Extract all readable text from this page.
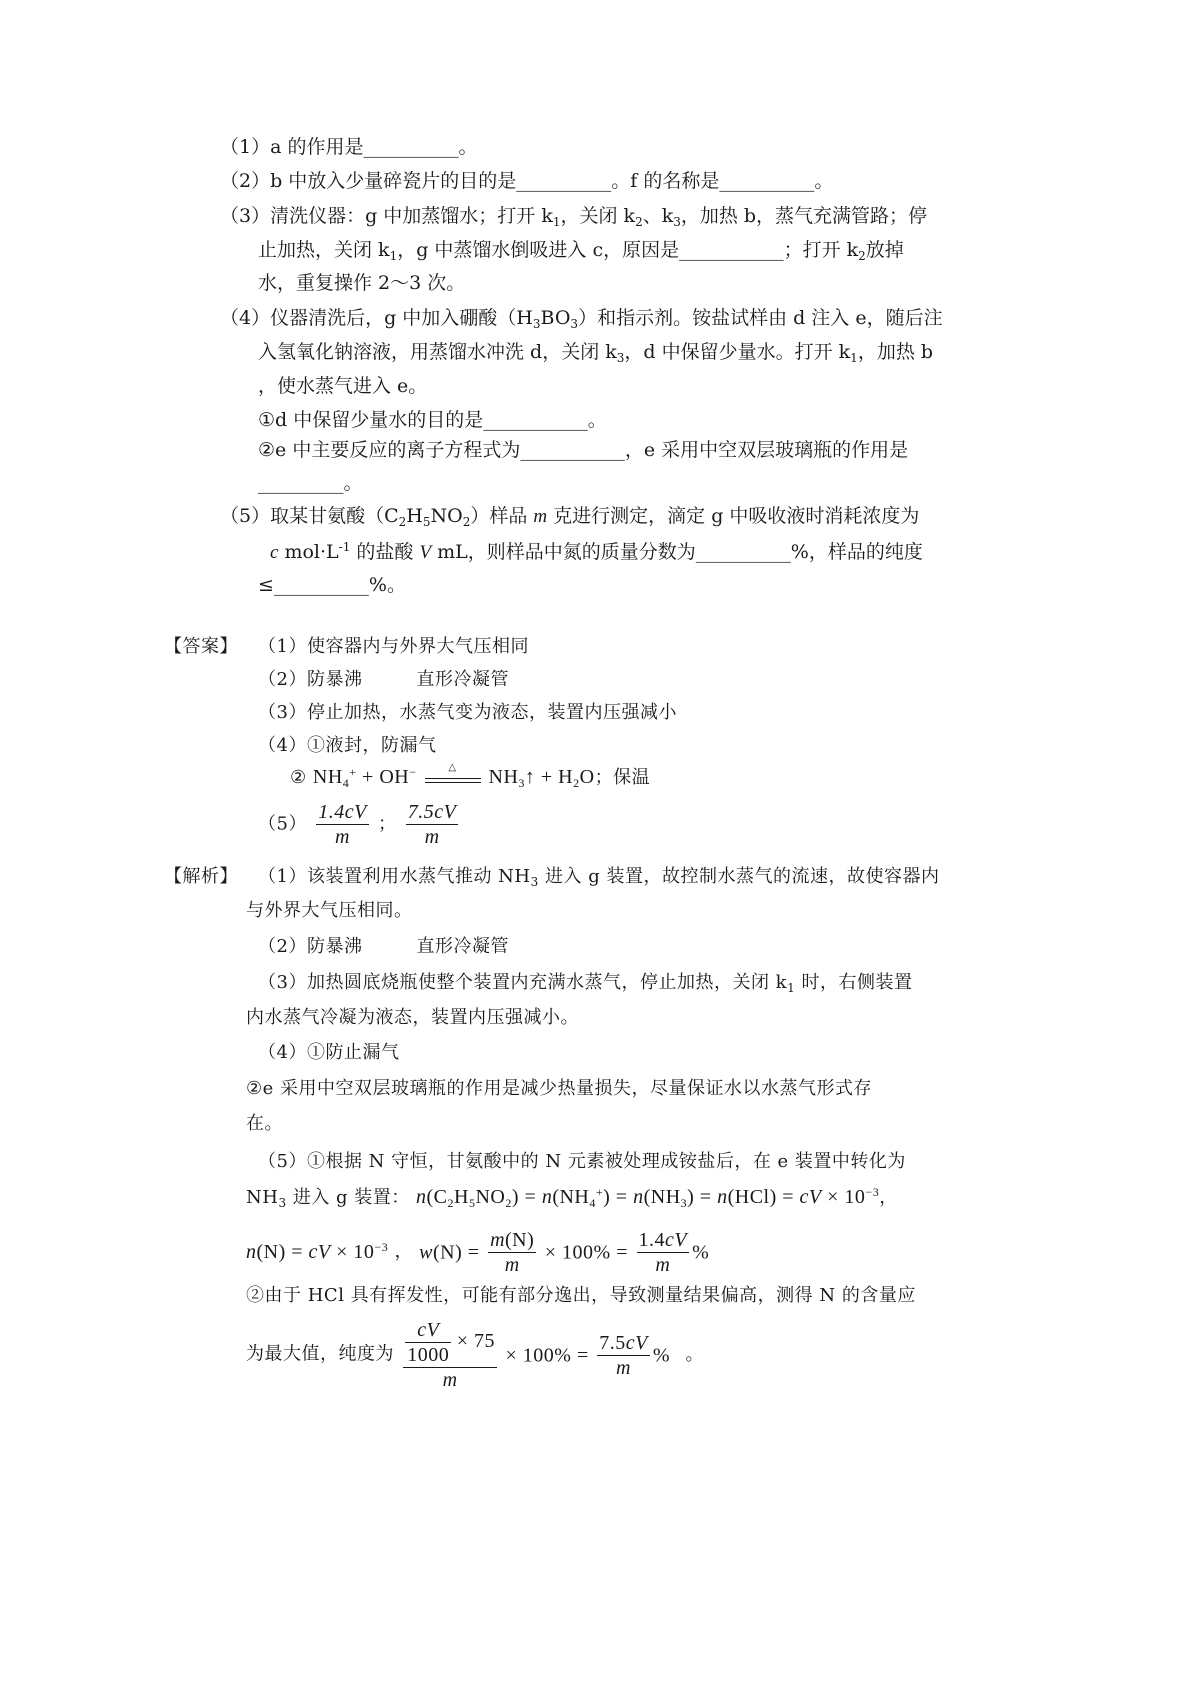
（1）a 的作用是__________。
（2）b 中放入少量碎瓷片的目的是__________。f 的名称是__________。
（3）清洗仪器：g 中加蒸馏水；打开 $k_1$，关闭 $k_2$、$k_3$，加热 b，蒸气充满管路；停
止加热，关闭 $k_1$，g 中蒸馏水倒吸进入 c，原因是___________；打开 $k_2$放掉
水，重复操作 2～3 次。
（4）仪器清洗后，g 中加入硼酸$(H_3BO_3)$和指示剂。铵盐试样由 d 注入 e，随后注
入氢氧化钠溶液，用蒸馏水冲洗 d，关闭 $k_3$，d 中保留少量水。打开 $k_1$，加热 b
，使水蒸气进入 e。
①d 中保留少量水的目的是___________。
②e 中主要反应的离子方程式为___________，e 采用中空双层玻璃瓶的作用是
_________。
（5）取某甘氨酸$(C_2H_5NO_2)$样品 m 克进行测定，滴定 g 中吸收液时消耗浓度为
c $mol\cdot L^{-1}$ 的盐酸 V mL，则样品中氮的质量分数为__________%，样品的纯度
≤__________%。
【答案】 （1）使容器内与外界大气压相同
（2）防暴沸	直形冷凝管
（3）停止加热，水蒸气变为液态，装置内压强减小
（4）①液封，防漏气
② $NH_4^+ + OH^-$	△	$NH_3↑ + H_2O$；保温
$(5) \frac{1.4cV}{m}$ ； $\frac{7.5cV}{m}$
【解析】 （1）该装置利用水蒸气推动 $NH_3$ 进入 g 装置，故控制水蒸气的流速，故使容器内
与外界大气压相同。
（2）防暴沸	直形冷凝管
（3）加热圆底烧瓶使整个装置内充满水蒸气，停止加热，关闭 $k_1$ 时，右侧装置
内水蒸气冷凝为液态，装置内压强减小。
（4）①防止漏气
②e 采用中空双层玻璃瓶的作用是减少热量损失，尽量保证水以水蒸气形式存
在。
（5）①根据 N 守恒，甘氨酸中的 N 元素被处理成铵盐后，在 e 装置中转化为
$NH_3$ 进入 g 装置： $n(C_2H_5NO_2) = n(NH_4^+) = n(NH_3) = n(HCl)$ = cV × $10^{-3}$，
n(N) = cV × $10^{-3}$ ， $w(N) = \frac{m(N)}{m} \times 100\% = \frac{1.4cV}{m}$ %
②由于 HCl 具有挥发性，可能有部分逸出，导致测量结果偏高，测得 N 的含量应
为最大值，纯度为 $\frac{\frac{cV}{1000} \times 75}{m} \times 100\% = \frac{7.5cV}{m}$ % 。
